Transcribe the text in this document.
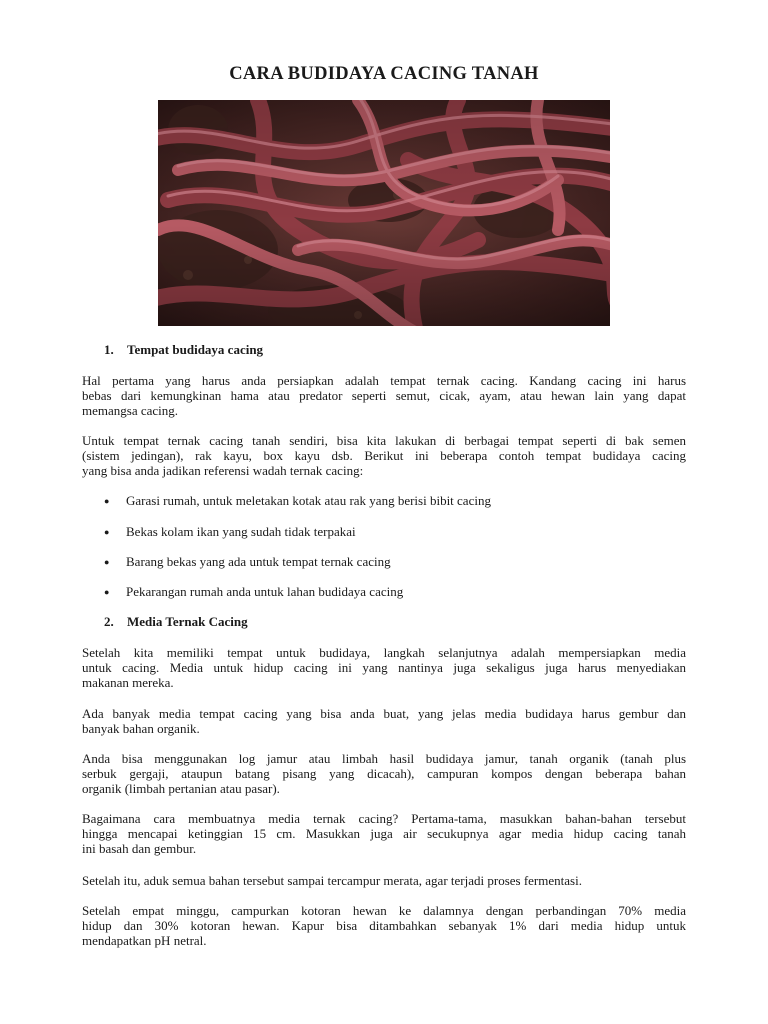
CARA BUDIDAYA CACING TANAH
1. Tempat budidaya cacing

Hal pertama yang harus anda persiapkan adalah tempat ternak cacing. Kandang cacing ini harus
bebas dari kemungkinan hama atau predator seperti semut, cicak, ayam, atau hewan lain yang dapat
memangsa cacing.

Untuk tempat ternak cacing tanah sendiri, bisa kita lakukan di berbagai tempat seperti di bak semen
(sistem jedingan), rak kayu, box kayu dsb. Berikut ini beberapa contoh tempat budidaya cacing
yang bisa anda jadikan referensi wadah ternak cacing:

● Garasi rumah, untuk meletakan kotak atau rak yang berisi bibit cacing

● Bekas kolam ikan yang sudah tidak terpakai

● Barang bekas yang ada untuk tempat ternak cacing

● Pekarangan rumah anda untuk lahan budidaya cacing

2. Media Ternak Cacing

Setelah kita memiliki tempat untuk budidaya, langkah selanjutnya adalah mempersiapkan media
untuk cacing. Media untuk hidup cacing ini yang nantinya juga sekaligus juga harus menyediakan
makanan mereka.

Ada banyak media tempat cacing yang bisa anda buat, yang jelas media budidaya harus gembur dan
banyak bahan organik.

Anda bisa menggunakan log jamur atau limbah hasil budidaya jamur, tanah organik (tanah plus
serbuk gergaji, ataupun batang pisang yang dicacah), campuran kompos dengan beberapa bahan
organik (limbah pertanian atau pasar).

Bagaimana cara membuatnya media ternak cacing? Pertama-tama, masukkan bahan-bahan tersebut
hingga mencapai ketinggian 15 cm. Masukkan juga air secukupnya agar media hidup cacing tanah
ini basah dan gembur.

Setelah itu, aduk semua bahan tersebut sampai tercampur merata, agar terjadi proses fermentasi.

Setelah empat minggu, campurkan kotoran hewan ke dalamnya dengan perbandingan 70% media
hidup dan 30% kotoran hewan. Kapur bisa ditambahkan sebanyak 1% dari media hidup untuk
mendapatkan pH netral.
